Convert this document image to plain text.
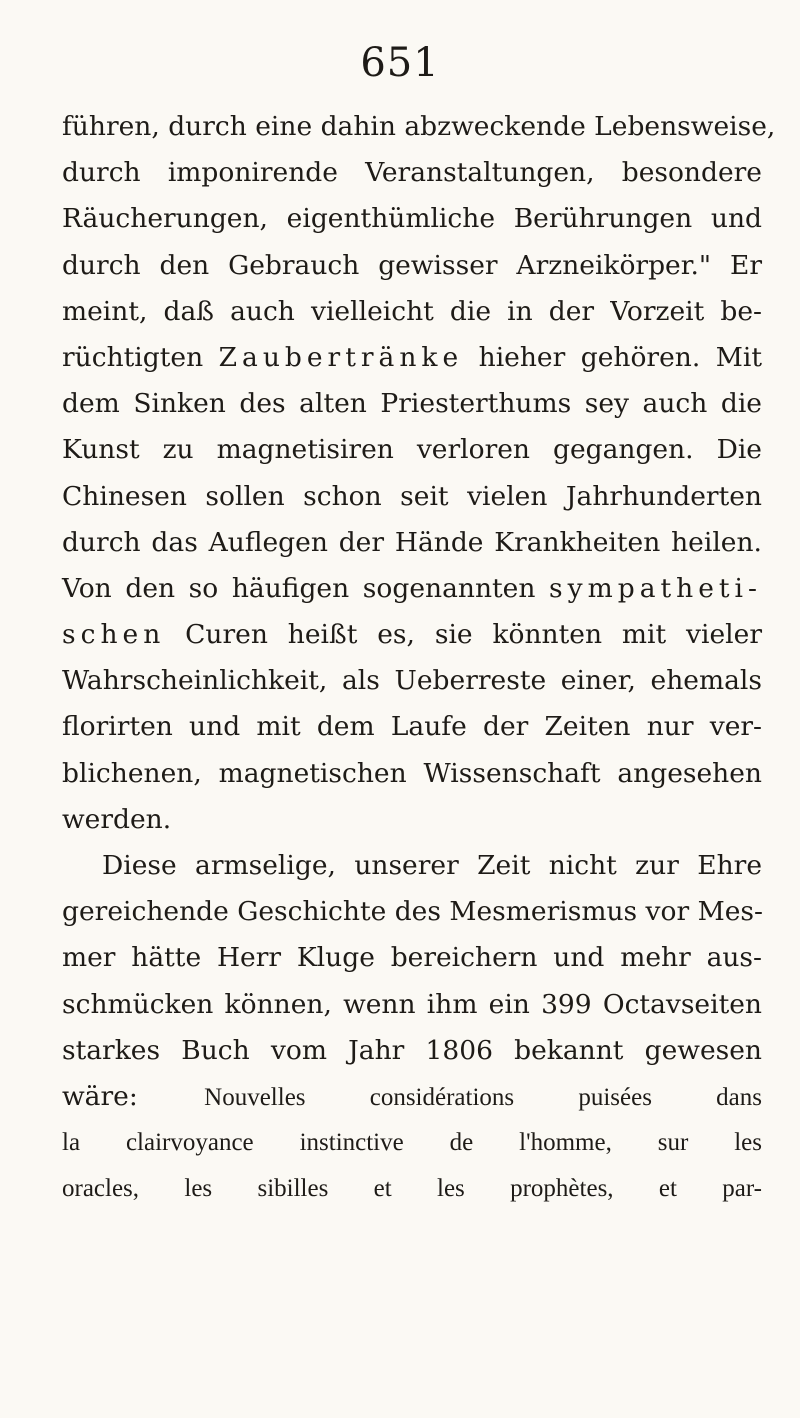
651
führen, durch eine dahin abzweckende Lebensweise,
durch imponirende Veranstaltungen, besondere
Räucherungen, eigenthümliche Berührungen und
durch den Gebrauch gewisser Arzneikörper." Er
meint, daß auch vielleicht die in der Vorzeit be-
rüchtigten Zaubertränke hieher gehören. Mit
dem Sinken des alten Priesterthums sey auch die
Kunst zu magnetisiren verloren gegangen. Die
Chinesen sollen schon seit vielen Jahrhunderten
durch das Auflegen der Hände Krankheiten heilen.
Von den so häufigen sogenannten sympatheti-
schen Curen heißt es, sie könnten mit vieler
Wahrscheinlichkeit, als Ueberreste einer, ehemals
florirten und mit dem Laufe der Zeiten nur ver-
blichenen, magnetischen Wissenschaft angesehen
werden.
Diese armselige, unserer Zeit nicht zur Ehre
gereichende Geschichte des Mesmerismus vor Mes-
mer hätte Herr Kluge bereichern und mehr aus-
schmücken können, wenn ihm ein 399 Octavseiten
starkes Buch vom Jahr 1806 bekannt gewesen
wäre:	Nouvelles considérations puisées dans
la clairvoyance instinctive de l'homme, sur les
oracles, les sibilles et les prophètes, et par-
